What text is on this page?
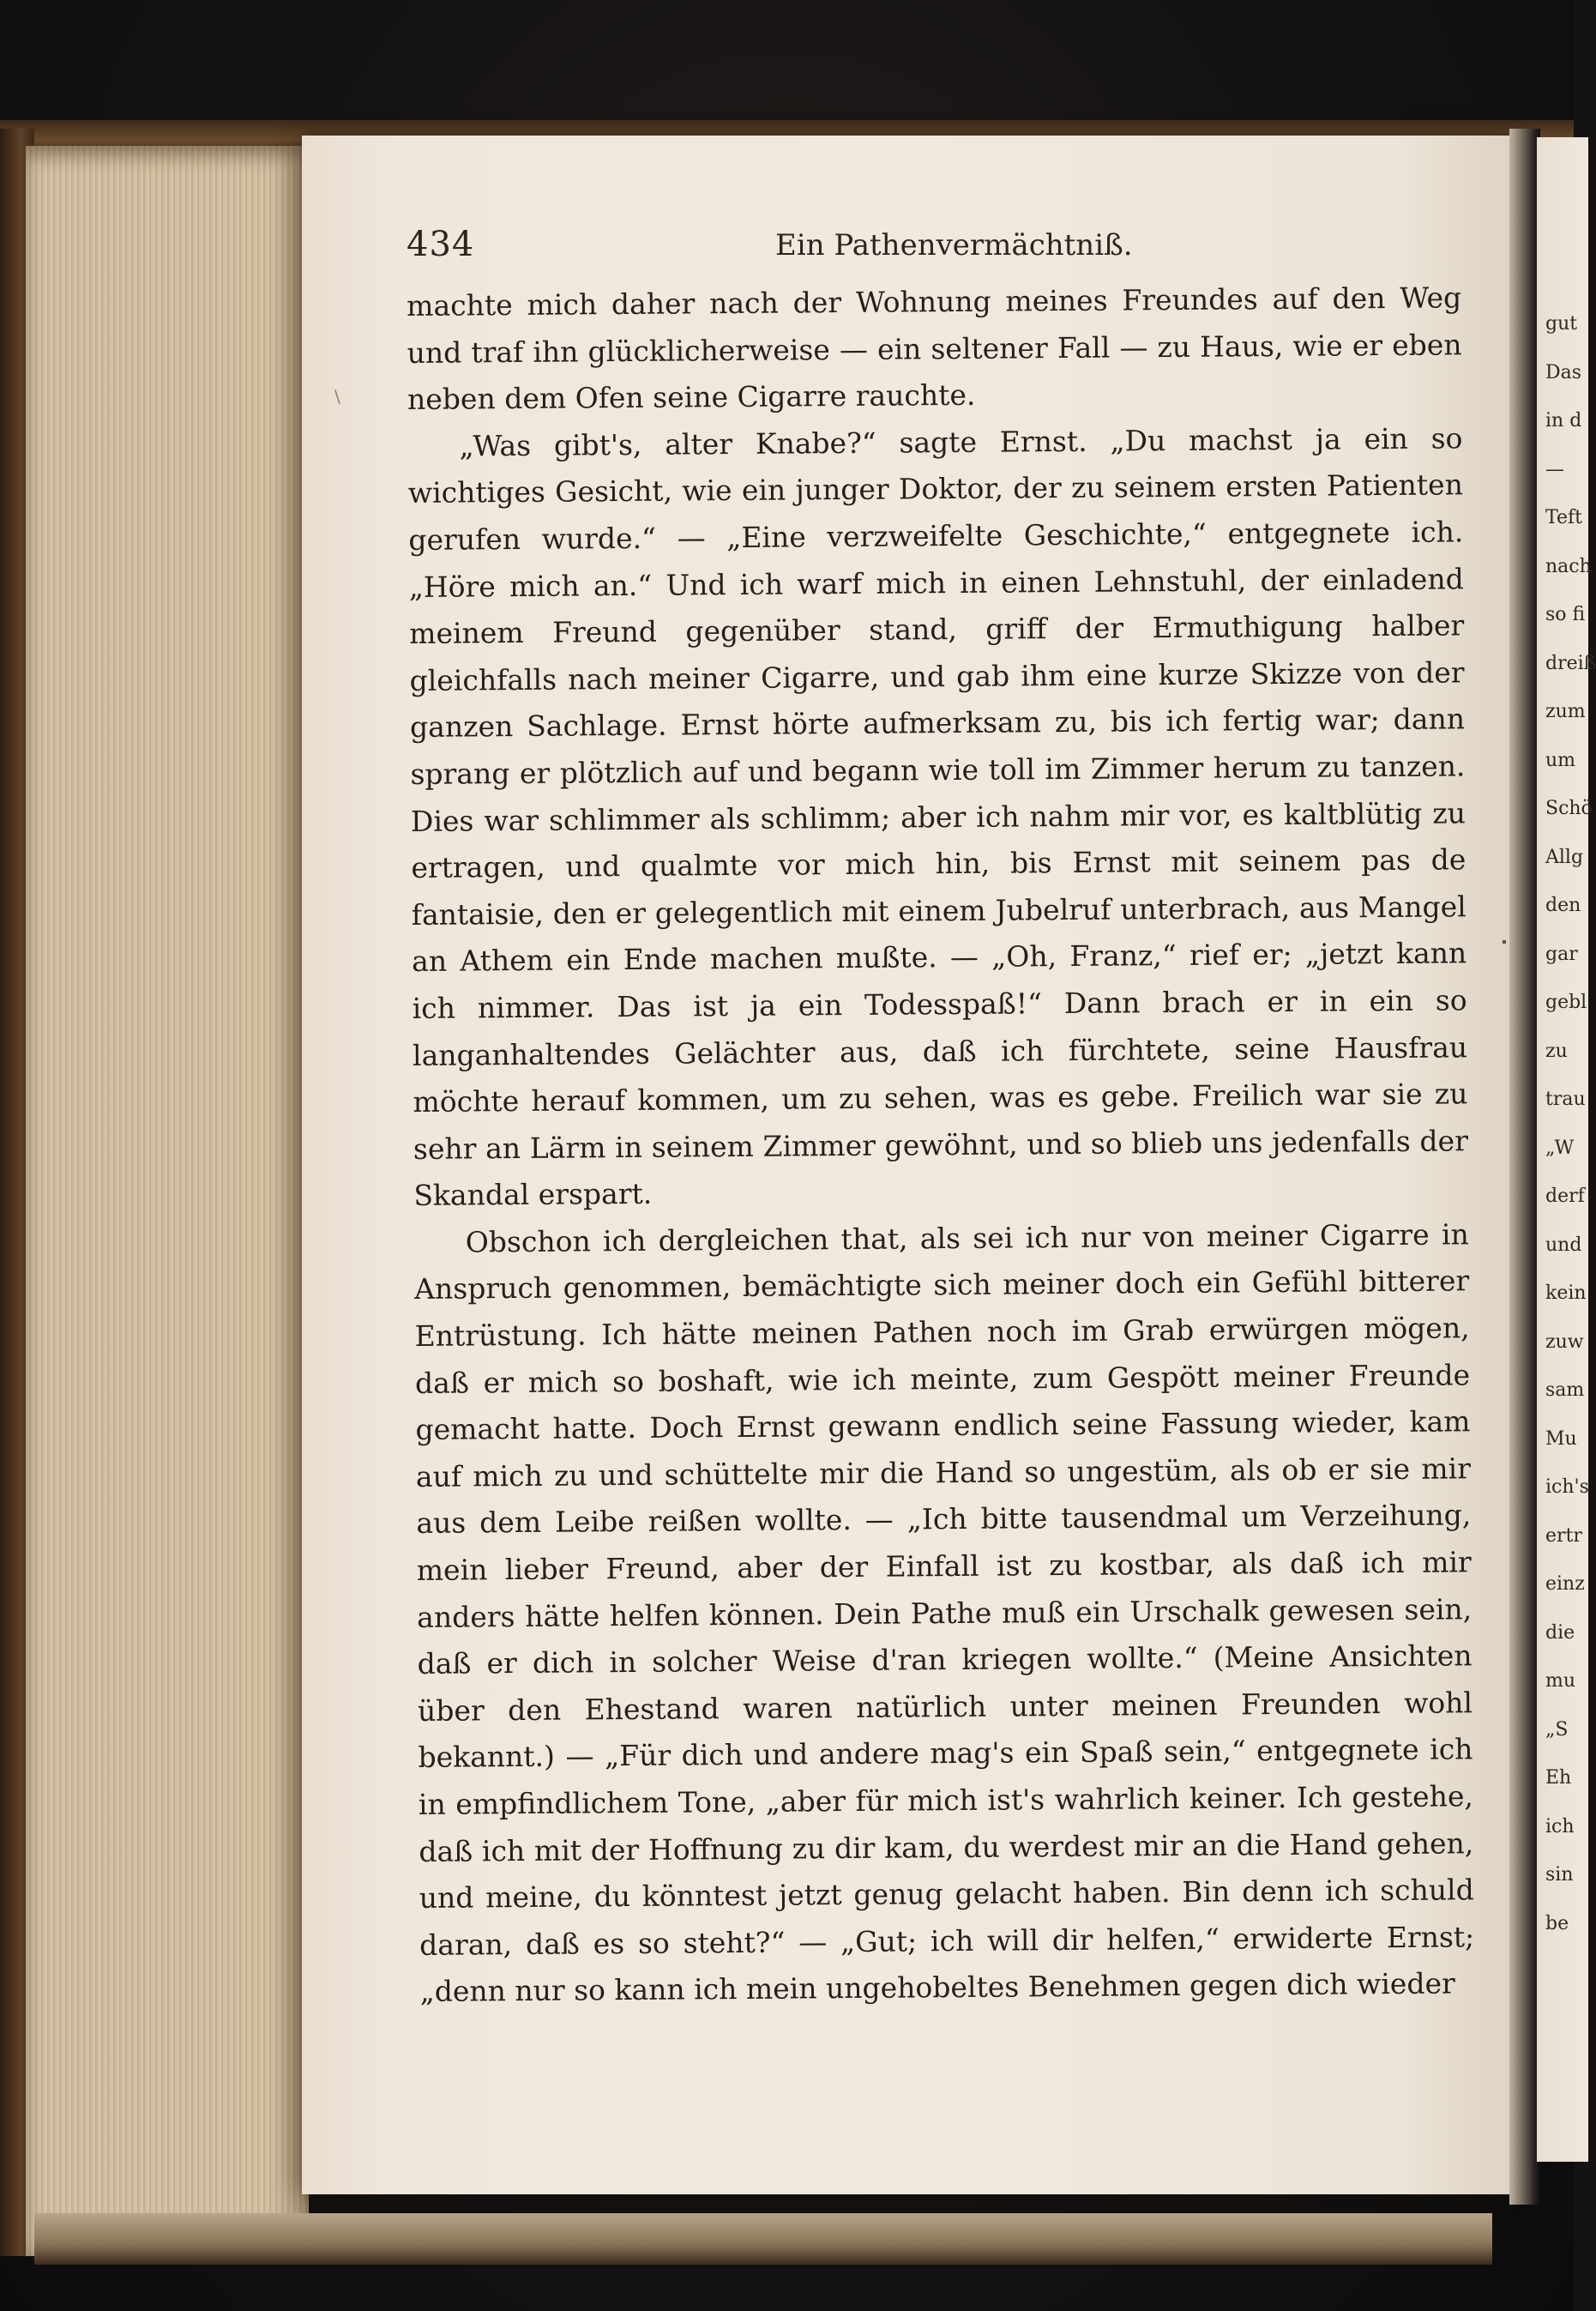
gut
Das
in d
—
Teft
nach
so fi
dreiß
zum
um
Schö
Allg
den
gar
gebl
zu
trau
„W
derf
und
kein
zuw
sam
Mu
ich's
ertr
einz
die
mu
„S
Eh
ich
sin
be
\
434	Ein Pathenvermächtniß.

machte mich daher nach der Wohnung meines Freundes auf den Weg und traf ihn glücklicherweise — ein seltener Fall — zu Haus, wie er eben neben dem Ofen seine Cigarre rauchte.

„Was gibt's, alter Knabe?“ sagte Ernst. „Du machst ja ein so wichtiges Gesicht, wie ein junger Doktor, der zu seinem ersten Patienten gerufen wurde.“ — „Eine verzweifelte Geschichte,“ entgegnete ich. „Höre mich an.“ Und ich warf mich in einen Lehnstuhl, der einladend meinem Freund gegenüber stand, griff der Ermuthigung halber gleichfalls nach meiner Cigarre, und gab ihm eine kurze Skizze von der ganzen Sachlage. Ernst hörte aufmerksam zu, bis ich fertig war; dann sprang er plötzlich auf und begann wie toll im Zimmer herum zu tanzen. Dies war schlimmer als schlimm; aber ich nahm mir vor, es kaltblütig zu ertragen, und qualmte vor mich hin, bis Ernst mit seinem pas de fantaisie, den er gelegentlich mit einem Jubelruf unterbrach, aus Mangel an Athem ein Ende machen mußte. — „Oh, Franz,“ rief er; „jetzt kann ich nimmer. Das ist ja ein Todesspaß!“ Dann brach er in ein so langanhaltendes Gelächter aus, daß ich fürchtete, seine Hausfrau möchte herauf kommen, um zu sehen, was es gebe. Freilich war sie zu sehr an Lärm in seinem Zimmer gewöhnt, und so blieb uns jedenfalls der Skandal erspart.

Obschon ich dergleichen that, als sei ich nur von meiner Cigarre in Anspruch genommen, bemächtigte sich meiner doch ein Gefühl bitterer Entrüstung. Ich hätte meinen Pathen noch im Grab erwürgen mögen, daß er mich so boshaft, wie ich meinte, zum Gespött meiner Freunde gemacht hatte. Doch Ernst gewann endlich seine Fassung wieder, kam auf mich zu und schüttelte mir die Hand so ungestüm, als ob er sie mir aus dem Leibe reißen wollte. — „Ich bitte tausendmal um Verzeihung, mein lieber Freund, aber der Einfall ist zu kostbar, als daß ich mir anders hätte helfen können. Dein Pathe muß ein Urschalk gewesen sein, daß er dich in solcher Weise d'ran kriegen wollte.“ (Meine Ansichten über den Ehestand waren natürlich unter meinen Freunden wohl bekannt.) — „Für dich und andere mag's ein Spaß sein,“ entgegnete ich in empfindlichem Tone, „aber für mich ist's wahrlich keiner. Ich gestehe, daß ich mit der Hoffnung zu dir kam, du werdest mir an die Hand gehen, und meine, du könntest jetzt genug gelacht haben. Bin denn ich schuld daran, daß es so steht?“ — „Gut; ich will dir helfen,“ erwiderte Ernst; „denn nur so kann ich mein ungehobeltes Benehmen gegen dich wieder
